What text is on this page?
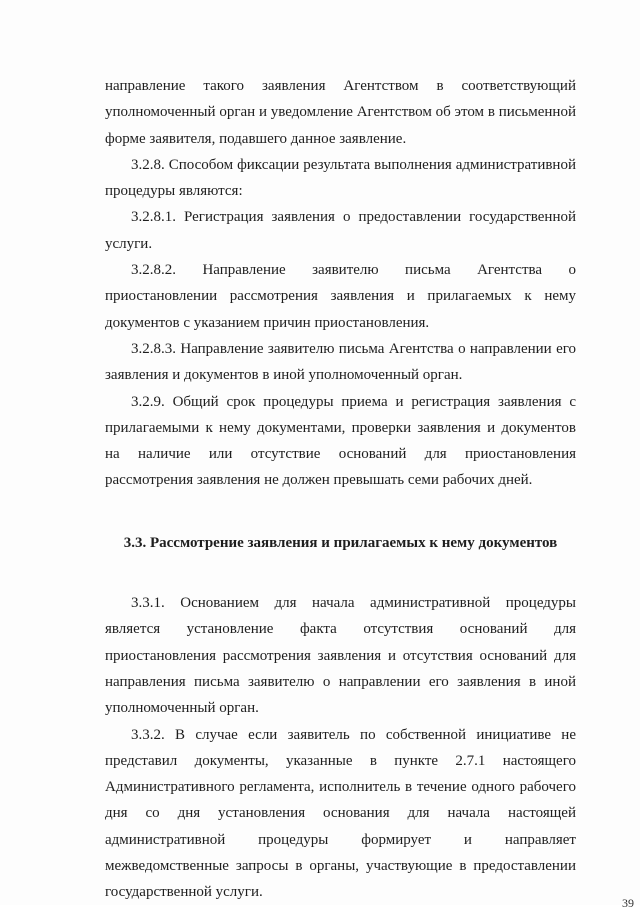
направление такого заявления Агентством в соответствующий уполномоченный орган и уведомление Агентством об этом в письменной форме заявителя, подавшего данное заявление.

3.2.8. Способом фиксации результата выполнения административной процедуры являются:

3.2.8.1. Регистрация заявления о предоставлении государственной услуги.

3.2.8.2. Направление заявителю письма Агентства о приостановлении рассмотрения заявления и прилагаемых к нему документов с указанием причин приостановления.

3.2.8.3. Направление заявителю письма Агентства о направлении его заявления и документов в иной уполномоченный орган.

3.2.9. Общий срок процедуры приема и регистрация заявления с прилагаемыми к нему документами, проверки заявления и документов на наличие или отсутствие оснований для приостановления рассмотрения заявления не должен превышать семи рабочих дней.

3.3. Рассмотрение заявления и прилагаемых к нему документов

3.3.1. Основанием для начала административной процедуры является установление факта отсутствия оснований для приостановления рассмотрения заявления и отсутствия оснований для направления письма заявителю о направлении его заявления в иной уполномоченный орган.

3.3.2. В случае если заявитель по собственной инициативе не представил документы, указанные в пункте 2.7.1 настоящего Административного регламента, исполнитель в течение одного рабочего дня со дня установления основания для начала настоящей административной процедуры формирует и направляет межведомственные запросы в органы, участвующие в предоставлении государственной услуги.

39
